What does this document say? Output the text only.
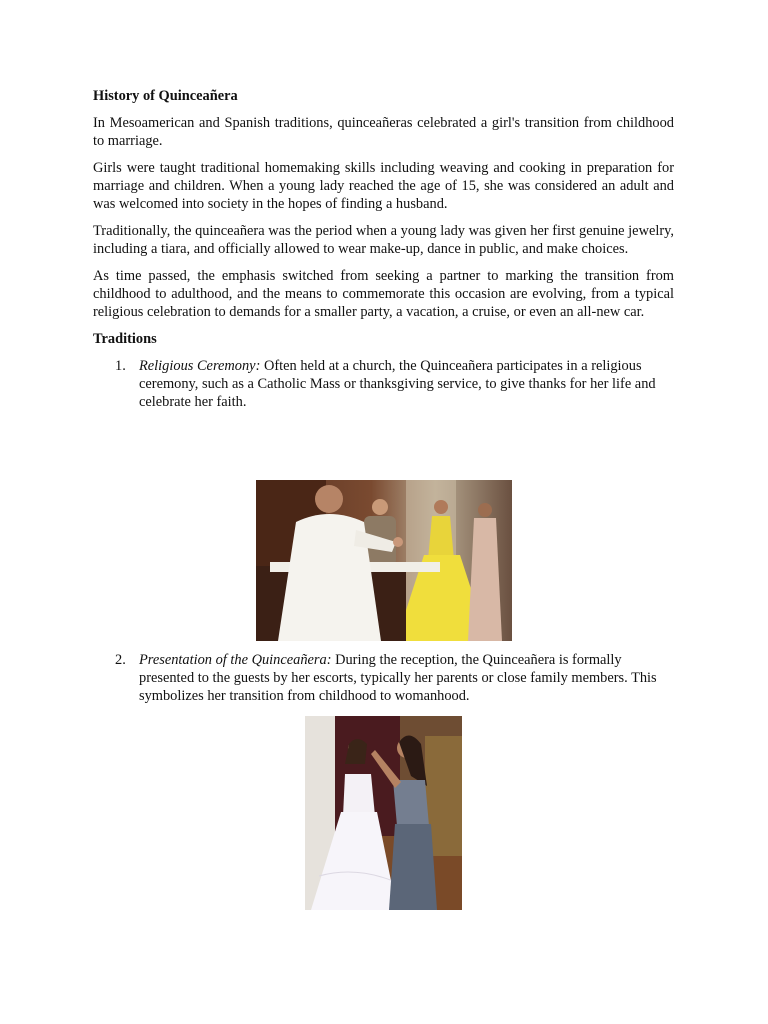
History of Quinceañera

In Mesoamerican and Spanish traditions, quinceañeras celebrated a girl's transition from childhood to marriage.

Girls were taught traditional homemaking skills including weaving and cooking in preparation for marriage and children. When a young lady reached the age of 15, she was considered an adult and was welcomed into society in the hopes of finding a husband.

Traditionally, the quinceañera was the period when a young lady was given her first genuine jewelry, including a tiara, and officially allowed to wear make-up, dance in public, and make choices.

As time passed, the emphasis switched from seeking a partner to marking the transition from childhood to adulthood, and the means to commemorate this occasion are evolving, from a typical religious celebration to demands for a smaller party, a vacation, a cruise, or even an all-new car.

Traditions
1. Religious Ceremony: Often held at a church, the Quinceañera participates in a religious ceremony, such as a Catholic Mass or thanksgiving service, to give thanks for her life and celebrate her faith.
2. Presentation of the Quinceañera: During the reception, the Quinceañera is formally presented to the guests by her escorts, typically her parents or close family members. This symbolizes her transition from childhood to womanhood.
